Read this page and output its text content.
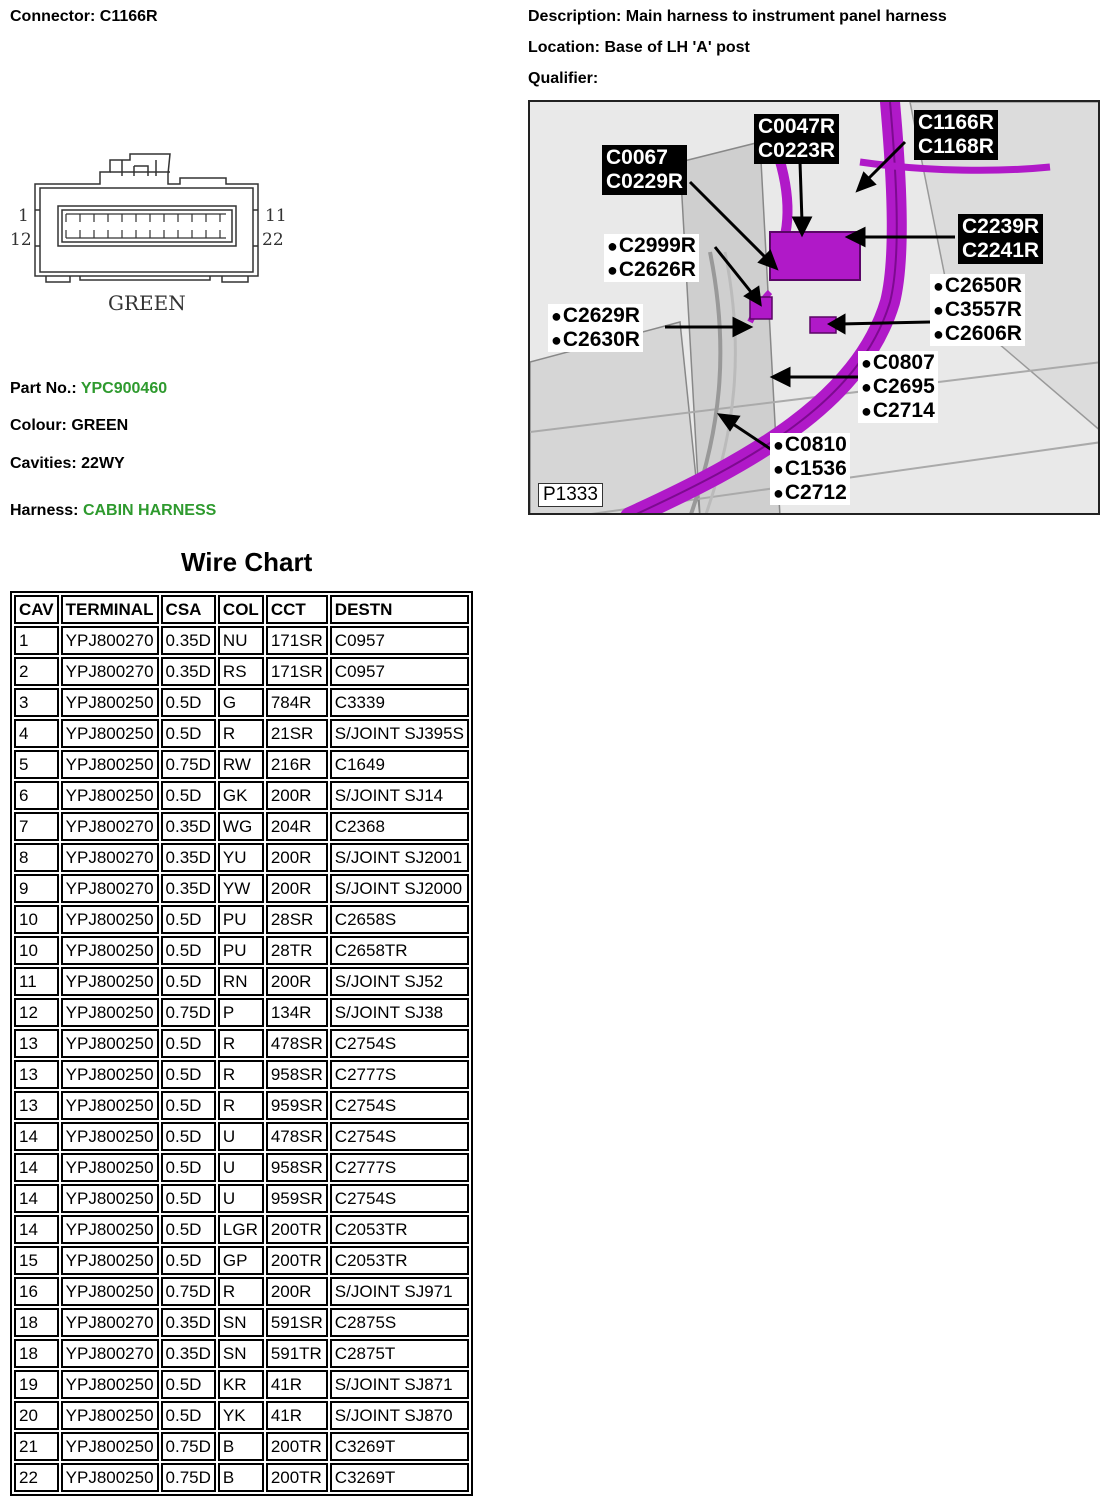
Connector: C1166R	Description: Main harness to instrument panel harness
Location: Base of LH 'A' post
Qualifier:
1
12
11
22
GREEN
Part No.: YPC900460
Colour: GREEN
Cavities: 22WY
Harness: CABIN HARNESS
C0067
C0229R
C0047R
C0223R
C1166R
C1168R
C2239R
C2241R
● C2999R
● C2626R
● C2650R
● C3557R
● C2606R
● C2629R
● C2630R
● C0807
● C2695
● C2714
● C0810
● C1536
● C2712
P1333
Wire Chart
CAV	TERMINAL	CSA	COL	CCT	DESTN
1	YPJ800270	0.35D	NU	171SR	C0957
2	YPJ800270	0.35D	RS	171SR	C0957
3	YPJ800250	0.5D	G	784R	C3339
4	YPJ800250	0.5D	R	21SR	S/JOINT SJ395S
5	YPJ800250	0.75D	RW	216R	C1649
6	YPJ800250	0.5D	GK	200R	S/JOINT SJ14
7	YPJ800270	0.35D	WG	204R	C2368
8	YPJ800270	0.35D	YU	200R	S/JOINT SJ2001
9	YPJ800270	0.35D	YW	200R	S/JOINT SJ2000
10	YPJ800250	0.5D	PU	28SR	C2658S
10	YPJ800250	0.5D	PU	28TR	C2658TR
11	YPJ800250	0.5D	RN	200R	S/JOINT SJ52
12	YPJ800250	0.75D	P	134R	S/JOINT SJ38
13	YPJ800250	0.5D	R	478SR	C2754S
13	YPJ800250	0.5D	R	958SR	C2777S
13	YPJ800250	0.5D	R	959SR	C2754S
14	YPJ800250	0.5D	U	478SR	C2754S
14	YPJ800250	0.5D	U	958SR	C2777S
14	YPJ800250	0.5D	U	959SR	C2754S
14	YPJ800250	0.5D	LGR	200TR	C2053TR
15	YPJ800250	0.5D	GP	200TR	C2053TR
16	YPJ800250	0.75D	R	200R	S/JOINT SJ971
18	YPJ800270	0.35D	SN	591SR	C2875S
18	YPJ800270	0.35D	SN	591TR	C2875T
19	YPJ800250	0.5D	KR	41R	S/JOINT SJ871
20	YPJ800250	0.5D	YK	41R	S/JOINT SJ870
21	YPJ800250	0.75D	B	200TR	C3269T
22	YPJ800250	0.75D	B	200TR	C3269T
